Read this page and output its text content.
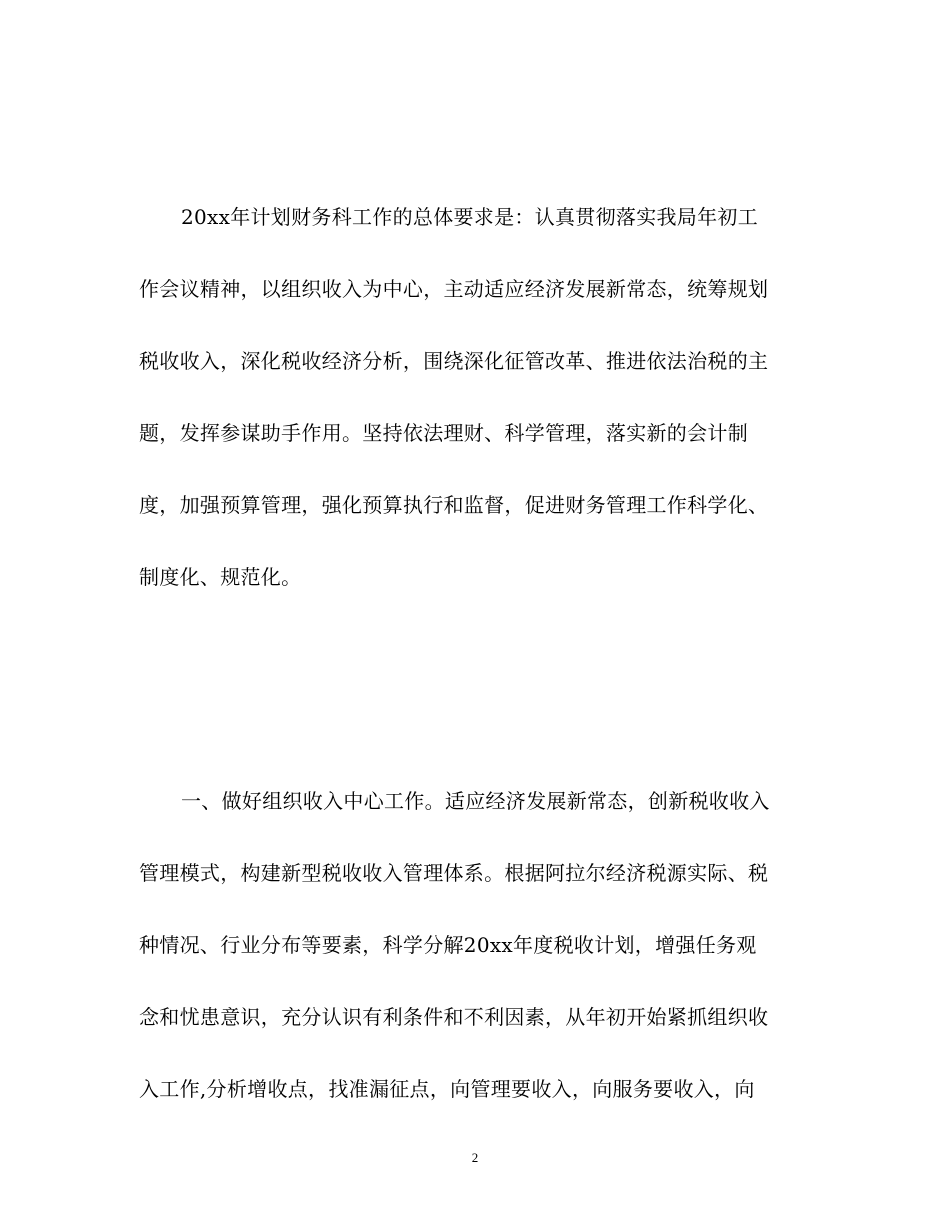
20xx年计划财务科工作的总体要求是：认真贯彻落实我局年初工
作会议精神，以组织收入为中心，主动适应经济发展新常态，统筹规划
税收收入，深化税收经济分析，围绕深化征管改革、推进依法治税的主
题，发挥参谋助手作用。坚持依法理财、科学管理，落实新的会计制
度，加强预算管理，强化预算执行和监督，促进财务管理工作科学化、
制度化、规范化。
一、做好组织收入中心工作。适应经济发展新常态，创新税收收入
管理模式，构建新型税收收入管理体系。根据阿拉尔经济税源实际、税
种情况、行业分布等要素，科学分解20xx年度税收计划，增强任务观
念和忧患意识，充分认识有利条件和不利因素，从年初开始紧抓组织收
入工作,分析增收点，找准漏征点，向管理要收入，向服务要收入，向
2
